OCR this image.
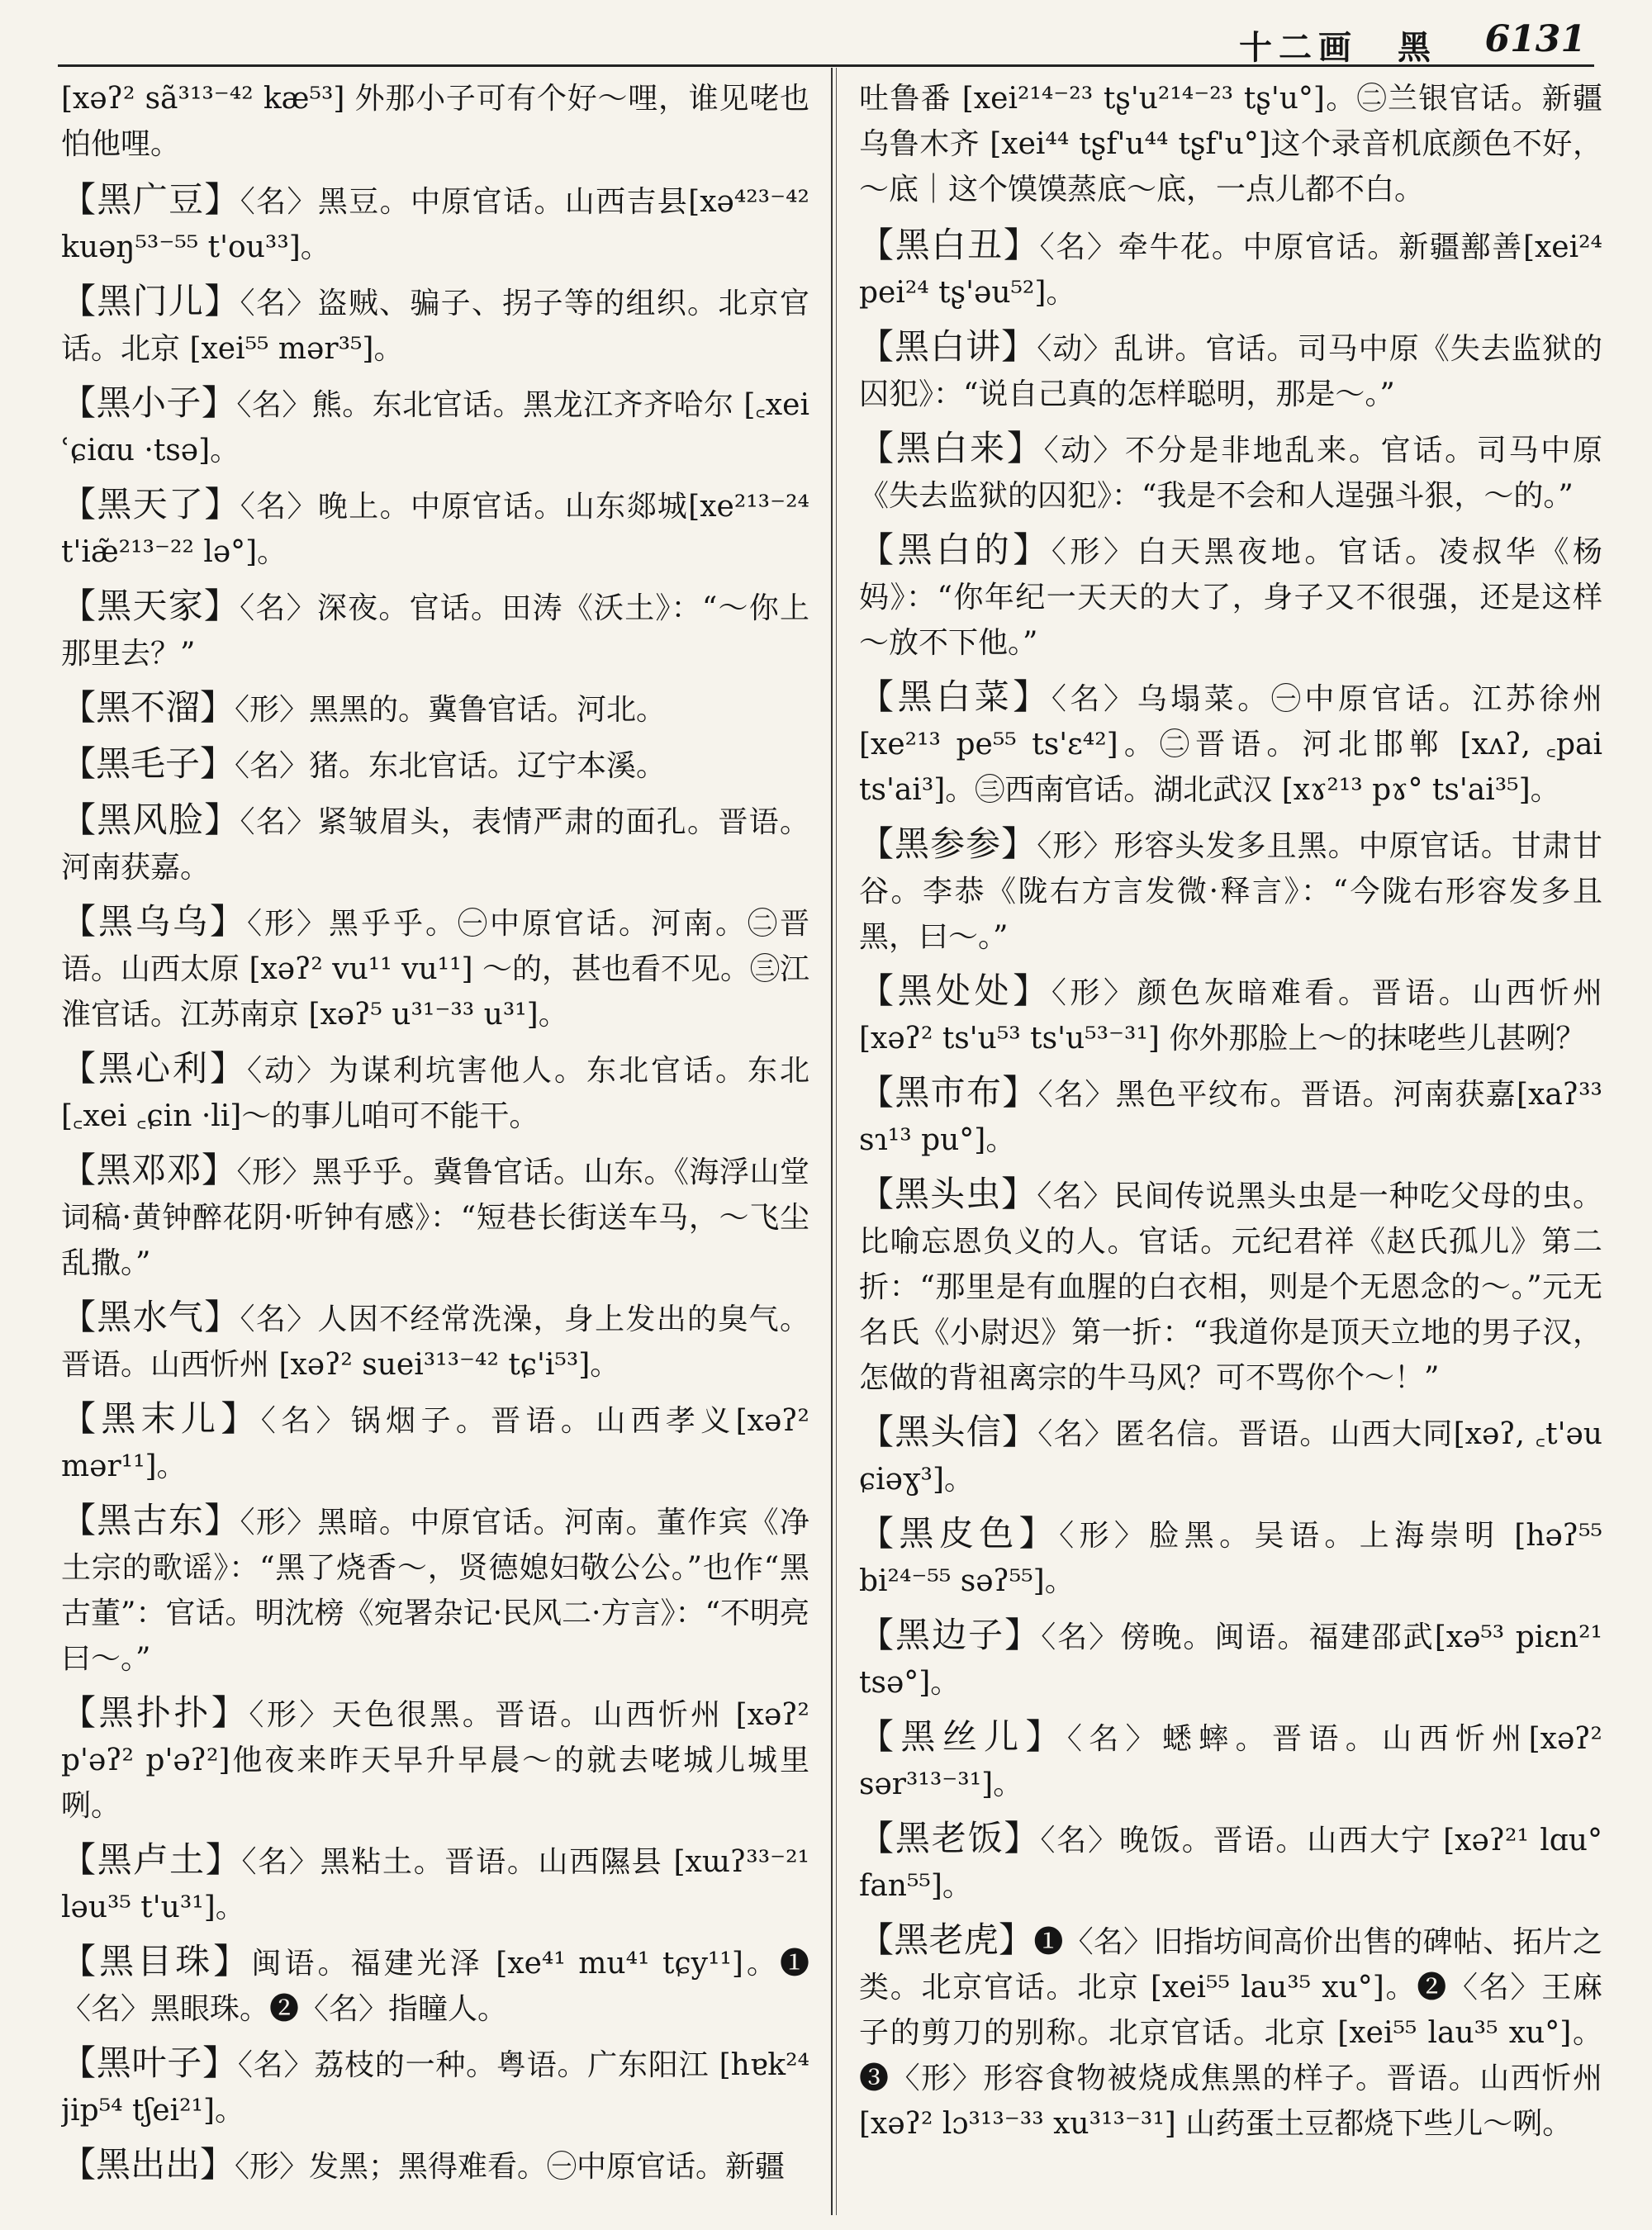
十二画　黑 6131
[xəʔ² sã³¹³⁻⁴² kæ⁵³] 外那小子可有个好～哩，谁见咾也怕他哩。
【黑广豆】〈名〉黑豆。中原官话。山西吉县[xə⁴²³⁻⁴² kuəŋ⁵³⁻⁵⁵ t'ou³³]。
【黑门儿】〈名〉盗贼、骗子、拐子等的组织。北京官话。北京 [xei⁵⁵ mər³⁵]。
【黑小子】〈名〉熊。东北官话。黑龙江齐齐哈尔 [꜀xei ʿɕiɑu ·tsə]。
【黑天了】〈名〉晚上。中原官话。山东郯城[xe²¹³⁻²⁴ t'iæ̃²¹³⁻²² lə°]。
【黑天家】〈名〉深夜。官话。田涛《沃土》：“～你上那里去？”
【黑不溜】〈形〉黑黑的。冀鲁官话。河北。
【黑毛子】〈名〉猪。东北官话。辽宁本溪。
【黑风脸】〈名〉紧皱眉头，表情严肃的面孔。晋语。河南获嘉。
【黑乌乌】〈形〉黑乎乎。㊀中原官话。河南。㊁晋语。山西太原 [xəʔ² vu¹¹ vu¹¹] ～的，甚也看不见。㊂江淮官话。江苏南京 [xəʔ⁵ u³¹⁻³³ u³¹]。
【黑心利】〈动〉为谋利坑害他人。东北官话。东北 [꜀xei ꜀ɕin ·li]～的事儿咱可不能干。
【黑邓邓】〈形〉黑乎乎。冀鲁官话。山东。《海浮山堂词稿·黄钟醉花阴·听钟有感》：“短巷长街送车马，～飞尘乱撒。”
【黑水气】〈名〉人因不经常洗澡，身上发出的臭气。晋语。山西忻州 [xəʔ² suei³¹³⁻⁴² tɕ'i⁵³]。
【黑末儿】〈名〉锅烟子。晋语。山西孝义[xəʔ² mər¹¹]。
【黑古东】〈形〉黑暗。中原官话。河南。董作宾《净土宗的歌谣》：“黑了烧香～，贤德媳妇敬公公。”也作“黑古董”：官话。明沈榜《宛署杂记·民风二·方言》：“不明亮曰～。”
【黑扑扑】〈形〉天色很黑。晋语。山西忻州 [xəʔ² p'əʔ² p'əʔ²]他夜来昨天早升早晨～的就去咾城儿城里咧。
【黑卢土】〈名〉黑粘土。晋语。山西隰县 [xɯʔ³³⁻²¹ ləu³⁵ t'u³¹]。
【黑目珠】闽语。福建光泽 [xe⁴¹ mu⁴¹ tɕy¹¹]。❶〈名〉黑眼珠。❷〈名〉指瞳人。
【黑叶子】〈名〉荔枝的一种。粤语。广东阳江 [hɐk²⁴ jip⁵⁴ tʃei²¹]。
【黑出出】〈形〉发黑；黑得难看。㊀中原官话。新疆
吐鲁番 [xei²¹⁴⁻²³ tʂ'u²¹⁴⁻²³ tʂ'u°]。㊁兰银官话。新疆乌鲁木齐 [xei⁴⁴ tʂf'u⁴⁴ tʂf'u°]这个录音机底颜色不好，～底｜这个馍馍蒸底～底，一点儿都不白。
【黑白丑】〈名〉牵牛花。中原官话。新疆鄯善[xei²⁴ pei²⁴ tʂ'əu⁵²]。
【黑白讲】〈动〉乱讲。官话。司马中原《失去监狱的囚犯》：“说自己真的怎样聪明，那是～。”
【黑白来】〈动〉不分是非地乱来。官话。司马中原《失去监狱的囚犯》：“我是不会和人逞强斗狠，～的。”
【黑白的】〈形〉白天黑夜地。官话。凌叔华《杨妈》：“你年纪一天天的大了，身子又不很强，还是这样～放不下他。”
【黑白菜】〈名〉乌塌菜。㊀中原官话。江苏徐州 [xe²¹³ pe⁵⁵ ts'ɛ⁴²]。㊁晋语。河北邯郸 [xʌʔ, ꜀pai ts'ai³]。㊂西南官话。湖北武汉 [xɤ²¹³ pɤ° ts'ai³⁵]。
【黑参参】〈形〉形容头发多且黑。中原官话。甘肃甘谷。李恭《陇右方言发微·释言》：“今陇右形容发多且黑，曰～。”
【黑处处】〈形〉颜色灰暗难看。晋语。山西忻州 [xəʔ² ts'u⁵³ ts'u⁵³⁻³¹] 你外那脸上～的抹咾些儿甚咧？
【黑市布】〈名〉黑色平纹布。晋语。河南获嘉[xaʔ³³ sɿ¹³ pu°]。
【黑头虫】〈名〉民间传说黑头虫是一种吃父母的虫。比喻忘恩负义的人。官话。元纪君祥《赵氏孤儿》第二折：“那里是有血腥的白衣相，则是个无恩念的～。”元无名氏《小尉迟》第一折：“我道你是顶天立地的男子汉，怎做的背祖离宗的牛马风？可不骂你个～！”
【黑头信】〈名〉匿名信。晋语。山西大同[xəʔ, ꜀t'əu ɕiəɣ³]。
【黑皮色】〈形〉脸黑。吴语。上海崇明 [həʔ⁵⁵ bi²⁴⁻⁵⁵ səʔ⁵⁵]。
【黑边子】〈名〉傍晚。闽语。福建邵武[xə⁵³ piɛn²¹ tsə°]。
【黑丝儿】〈名〉蟋蟀。晋语。山西忻州[xəʔ² sər³¹³⁻³¹]。
【黑老饭】〈名〉晚饭。晋语。山西大宁 [xəʔ²¹ lɑu° fan⁵⁵]。
【黑老虎】❶〈名〉旧指坊间高价出售的碑帖、拓片之类。北京官话。北京 [xei⁵⁵ lau³⁵ xu°]。❷〈名〉王麻子的剪刀的别称。北京官话。北京 [xei⁵⁵ lau³⁵ xu°]。❸〈形〉形容食物被烧成焦黑的样子。晋语。山西忻州 [xəʔ² lɔ³¹³⁻³³ xu³¹³⁻³¹] 山药蛋土豆都烧下些儿～咧。
